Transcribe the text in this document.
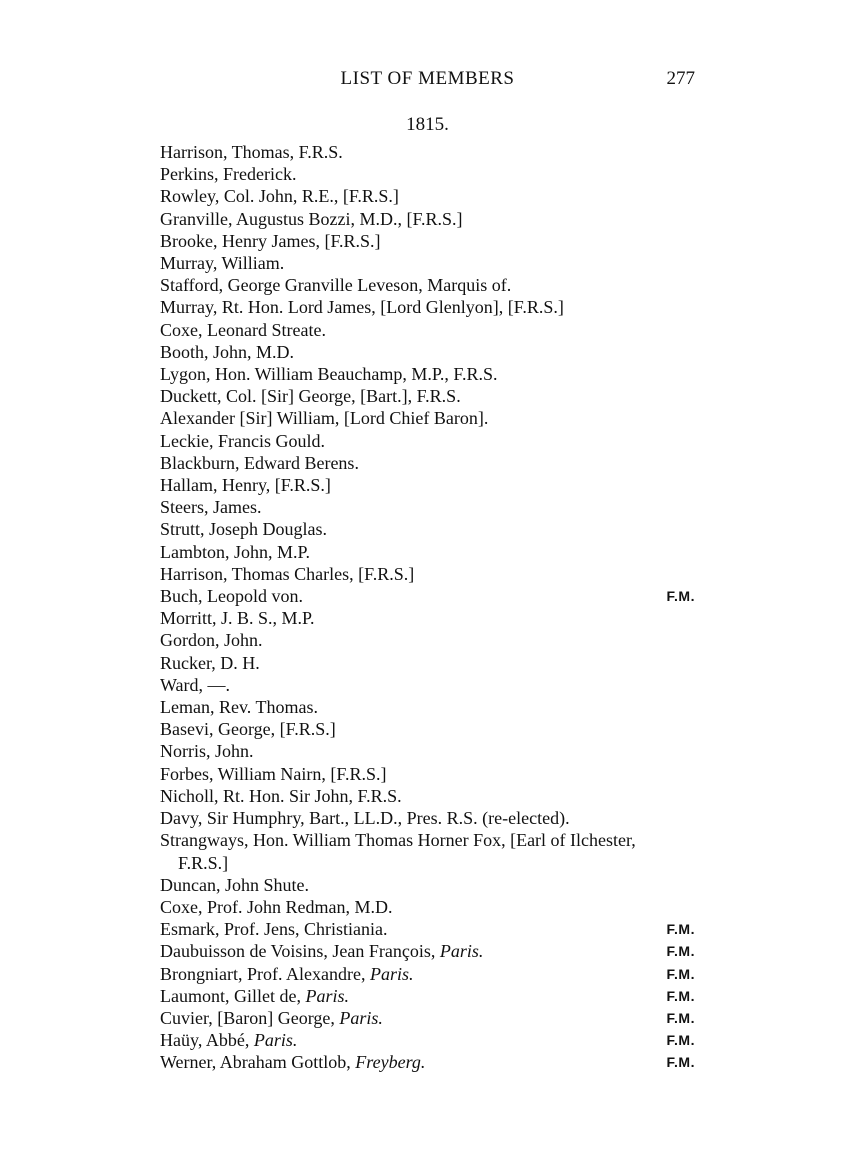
LIST OF MEMBERS	277
1815.
Harrison, Thomas, F.R.S.
Perkins, Frederick.
Rowley, Col. John, R.E., [F.R.S.]
Granville, Augustus Bozzi, M.D., [F.R.S.]
Brooke, Henry James, [F.R.S.]
Murray, William.
Stafford, George Granville Leveson, Marquis of.
Murray, Rt. Hon. Lord James, [Lord Glenlyon], [F.R.S.]
Coxe, Leonard Streate.
Booth, John, M.D.
Lygon, Hon. William Beauchamp, M.P., F.R.S.
Duckett, Col. [Sir] George, [Bart.], F.R.S.
Alexander [Sir] William, [Lord Chief Baron].
Leckie, Francis Gould.
Blackburn, Edward Berens.
Hallam, Henry, [F.R.S.]
Steers, James.
Strutt, Joseph Douglas.
Lambton, John, M.P.
Harrison, Thomas Charles, [F.R.S.]
Buch, Leopold von.	F.M.
Morritt, J. B. S., M.P.
Gordon, John.
Rucker, D. H.
Ward, —.
Leman, Rev. Thomas.
Basevi, George, [F.R.S.]
Norris, John.
Forbes, William Nairn, [F.R.S.]
Nicholl, Rt. Hon. Sir John, F.R.S.
Davy, Sir Humphry, Bart., LL.D., Pres. R.S. (re-elected).
Strangways, Hon. William Thomas Horner Fox, [Earl of Ilchester,
F.R.S.]
Duncan, John Shute.
Coxe, Prof. John Redman, M.D.
Esmark, Prof. Jens, Christiania.	F.M.
Daubuisson de Voisins, Jean François, Paris.	F.M.
Brongniart, Prof. Alexandre, Paris.	F.M.
Laumont, Gillet de, Paris.	F.M.
Cuvier, [Baron] George, Paris.	F.M.
Haüy, Abbé, Paris.	F.M.
Werner, Abraham Gottlob, Freyberg.	F.M.
